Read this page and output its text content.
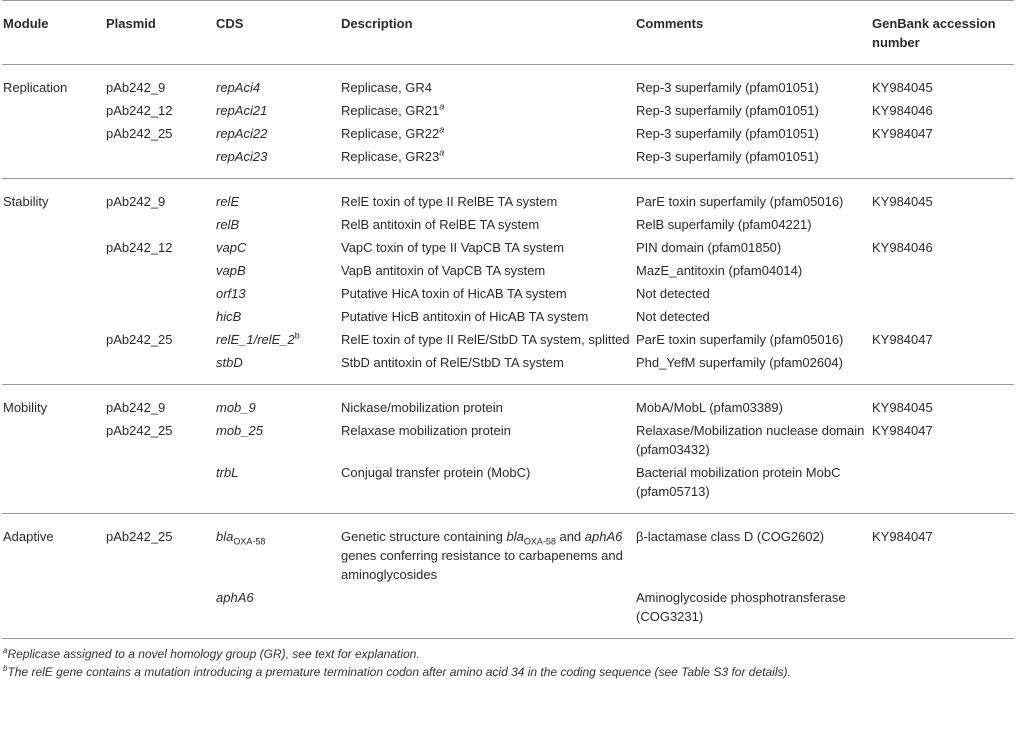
Module	Plasmid	CDS	Description	Comments	GenBank accession number
Replication	pAb242_9	repAci4	Replicase, GR4	Rep-3 superfamily (pfam01051)	KY984045
	pAb242_12	repAci21	Replicase, GR21$^a$	Rep-3 superfamily (pfam01051)	KY984046
	pAb242_25	repAci22	Replicase, GR22$^a$	Rep-3 superfamily (pfam01051)	KY984047
		repAci23	Replicase, GR23$^a$	Rep-3 superfamily (pfam01051)	
Stability	pAb242_9	relE	RelE toxin of type II RelBE TA system	ParE toxin superfamily (pfam05016)	KY984045
		relB	RelB antitoxin of RelBE TA system	RelB superfamily (pfam04221)	
	pAb242_12	vapC	VapC toxin of type II VapCB TA system	PIN domain (pfam01850)	KY984046
		vapB	VapB antitoxin of VapCB TA system	MazE_antitoxin (pfam04014)	
		orf13	Putative HicA toxin of HicAB TA system	Not detected	
		hicB	Putative HicB antitoxin of HicAB TA system	Not detected	
	pAb242_25	relE_1/relE_2$^b$	RelE toxin of type II RelE/StbD TA system, splitted	ParE toxin superfamily (pfam05016)	KY984047
		stbD	StbD antitoxin of RelE/StbD TA system	Phd_YefM superfamily (pfam02604)	
Mobility	pAb242_9	mob_9	Nickase/mobilization protein	MobA/MobL (pfam03389)	KY984045
	pAb242_25	mob_25	Relaxase mobilization protein	Relaxase/Mobilization nuclease domain (pfam03432)	KY984047
		trbL	Conjugal transfer protein (MobC)	Bacterial mobilization protein MobC (pfam05713)	
Adaptive	pAb242_25	bla$_{OXA-58}$	Genetic structure containing bla$_{OXA-58}$ and aphA6 genes conferring resistance to carbapenems and aminoglycosides	β-lactamase class D (COG2602)	KY984047
		aphA6		Aminoglycoside phosphotransferase (COG3231)	
$^a$Replicase assigned to a novel homology group (GR), see text for explanation.
$^b$The relE gene contains a mutation introducing a premature termination codon after amino acid 34 in the coding sequence (see Table S3 for details).
